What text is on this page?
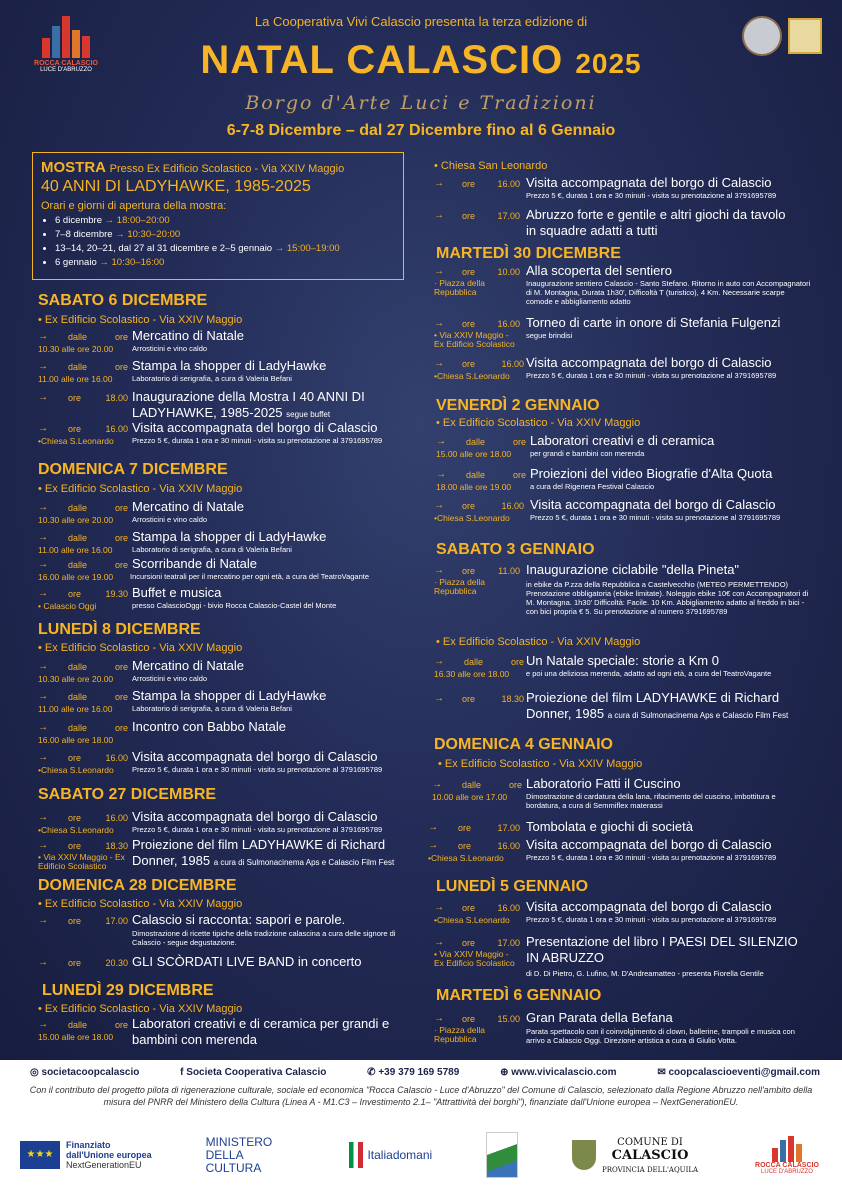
ROCCA CALASCIO
LUCE D'ABRUZZO
La Cooperativa Vivi Calascio presenta la terza edizione di
NATAL CALASCIO 2025
Borgo d'Arte Luci e Tradizioni
6-7-8 Dicembre – dal 27 Dicembre fino al 6 Gennaio
MOSTRA Presso Ex Edificio Scolastico - Via XXIV Maggio
40 ANNI DI LADYHAWKE, 1985-2025
Orari e giorni di apertura della mostra:
• 6 dicembre → 18:00–20:00
• 7–8 dicembre → 10:30–20:00
• 13–14, 20–21, dal 27 al 31 dicembre e 2–5 gennaio → 15:00–19:00
• 6 gennaio → 10:30–16:00
SABATO 6 DICEMBRE
• Ex Edificio Scolastico - Via XXIV Maggio
→ dalle	ore
10.30 alle ore 20.00
Mercatino di Natale
Arrosticini e vino caldo
→ dalle	ore
11.00 alle ore 16.00
Stampa la shopper di LadyHawke
Laboratorio di serigrafia, a cura di Valeria Befani
→ ore	18.00 Inaugurazione della Mostra I 40 ANNI DI LADYHAWKE, 1985-2025 segue buffet
→ ore	16.00
•Chiesa S.Leonardo
Visita accompagnata del borgo di Calascio
Prezzo 5 €, durata 1 ora e 30 minuti - visita su prenotazione al 3791695789
DOMENICA 7 DICEMBRE
• Ex Edificio Scolastico - Via XXIV Maggio
→ dalle	ore
10.30 alle ore 20.00
Mercatino di Natale
Arrosticini e vino caldo
→ dalle	ore
11.00 alle ore 16.00
Stampa la shopper di LadyHawke
Laboratorio di serigrafia, a cura di Valeria Befani
→ dalle	ore
16.00 alle ore 19.00
Scorribande di Natale
Incursioni teatrali per il mercatino per ogni età, a cura del TeatroVagante
→ ore	19.30
• Calascio Oggi
Buffet e musica
presso CalascioOggi - bivio Rocca Calascio-Castel del Monte
LUNEDÌ 8 DICEMBRE
• Ex Edificio Scolastico - Via XXIV Maggio
→ dalle	ore
10.30 alle ore 20.00
Mercatino di Natale
Arrosticini e vino caldo
→ dalle	ore
11.00 alle ore 16.00
Stampa la shopper di LadyHawke
Laboratorio di serigrafia, a cura di Valeria Befani
→ dalle	ore
16.00 alle ore 18.00
Incontro con Babbo Natale
→ ore	16.00
•Chiesa S.Leonardo
Visita accompagnata del borgo di Calascio
Prezzo 5 €, durata 1 ora e 30 minuti - visita su prenotazione al 3791695789
SABATO 27 DICEMBRE
→ ore	16.00
•Chiesa S.Leonardo
Visita accompagnata del borgo di Calascio
Prezzo 5 €, durata 1 ora e 30 minuti - visita su prenotazione al 3791695789
→ ore	18.30
• Via XXIV Maggio - Ex Edificio Scolastico
Proiezione del film LADYHAWKE di Richard Donner, 1985 a cura di Sulmonacinema Aps e Calascio Film Fest
DOMENICA 28 DICEMBRE
• Ex Edificio Scolastico - Via XXIV Maggio
→ ore	17.00 Calascio si racconta: sapori e parole.
Dimostrazione di ricette tipiche della tradizione calascina a cura delle signore di Calascio - segue degustazione.
→ ore	20.30 GLI SCÒRDATI LIVE BAND in concerto
LUNEDÌ 29 DICEMBRE
• Ex Edificio Scolastico - Via XXIV Maggio
→ dalle	ore
15.00 alle ore 18.00
Laboratori creativi e di ceramica per grandi e bambini con merenda
• Chiesa San Leonardo
→ ore 16.00 Visita accompagnata del borgo di Calascio
Prezzo 5 €, durata 1 ora e 30 minuti - visita su prenotazione al 3791695789
→ ore 17.00 Abruzzo forte e gentile e altri giochi da tavolo in squadre adatti a tutti
MARTEDÌ 30 DICEMBRE
→ ore 10.00
· Piazza della Repubblica
Alla scoperta del sentiero
Inaugurazione sentiero Calascio - Santo Stefano. Ritorno in auto con Accompagnatori di M. Montagna, Durata 1h30', Difficoltà T (turistico), 4 Km. Necessarie scarpe comode e abbigliamento adatto
→ ore 16.00
• Via XXIV Maggio - Ex Edificio Scolastico
Torneo di carte in onore di Stefania Fulgenzi
segue brindisi
→ ore	16.00
•Chiesa S.Leonardo
Visita accompagnata del borgo di Calascio
Prezzo 5 €, durata 1 ora e 30 minuti - visita su prenotazione al 3791695789
VENERDÌ 2 GENNAIO
• Ex Edificio Scolastico - Via XXIV Maggio
→ dalle	ore
15.00 alle ore 18.00
Laboratori creativi e di ceramica
per grandi e bambini con merenda
→ dalle	ore
18.00 alle ore 19.00
Proiezioni del video Biografie d'Alta Quota
a cura del Rigenera Festival Calascio
→ ore	16.00
•Chiesa S.Leonardo
Visita accompagnata del borgo di Calascio
Prezzo 5 €, durata 1 ora e 30 minuti - visita su prenotazione al 3791695789
SABATO 3 GENNAIO
→ ore	11.00
· Piazza della Repubblica
Inaugurazione ciclabile "della Pineta"
in ebike da P.zza della Repubblica a Castelvecchio (METEO PERMETTENDO) Prenotazione obbligatoria (ebike limitate). Noleggio ebike 10€ con Accompagnatori di M. Montagna. 1h30' Difficoltà: Facile. 10 Km. Abbigliamento adatto al freddo in bici - con bici propria € 5. Su prenotazione al numero 3791695789
• Ex Edificio Scolastico - Via XXIV Maggio
→ dalle	ore
16.30 alle ore 18.00
Un Natale speciale: storie a Km 0
e poi una deliziosa merenda, adatto ad ogni età, a cura del TeatroVagante
→ ore	18.30 Proiezione del film LADYHAWKE di Richard Donner, 1985 a cura di Sulmonacinema Aps e Calascio Film Fest
DOMENICA 4 GENNAIO
• Ex Edificio Scolastico - Via XXIV Maggio
→ dalle	ore
10.00 alle ore 17.00
Laboratorio Fatti il Cuscino
Dimostrazione di cardatura della lana, rifacimento del cuscino, imbottitura e bordatura, a cura di Semmiflex materassi
→ ore	17.00 Tombolata e giochi di società
→ ore	16.00
•Chiesa S.Leonardo
Visita accompagnata del borgo di Calascio
Prezzo 5 €, durata 1 ora e 30 minuti - visita su prenotazione al 3791695789
LUNEDÌ 5 GENNAIO
→ ore 16.00
•Chiesa S.Leonardo
Visita accompagnata del borgo di Calascio
Prezzo 5 €, durata 1 ora e 30 minuti - visita su prenotazione al 3791695789
→ ore 17.00
• Via XXIV Maggio - Ex Edificio Scolastico
Presentazione del libro I PAESI DEL SILENZIO IN ABRUZZO
di D. Di Pietro, G. Lufino, M. D'Andreamatteo - presenta Fiorella Gentile
MARTEDÌ 6 GENNAIO
→ ore 15.00
· Piazza della Repubblica
Gran Parata della Befana
Parata spettacolo con il coinvolgimento di clown, ballerine, trampoli e musica con arrivo a Calascio Oggi. Direzione artistica a cura di Giulio Votta.
◎ societacoopcalascio	f Societa Cooperativa Calascio	✆ +39 379 169 5789	⊕ www.vivicalascio.com	✉ coopcalascioeventi@gmail.com
Con il contributo del progetto pilota di rigenerazione culturale, sociale ed economica "Rocca Calascio - Luce d'Abruzzo" del Comune di Calascio, selezionato dalla Regione Abruzzo nell'ambito della misura del PNRR del Ministero della Cultura (Linea A - M1.C3 – Investimento 2.1– "Attrattività dei borghi"), finanziate dall'Unione europea – NextGenerationEU.
★★★
Finanziato
dall'Unione europea
NextGenerationEU
MINISTERO DELLA CULTURA
Italiadomani
COMUNE DI
CALASCIO
PROVINCIA DELL'AQUILA
ROCCA CALASCIO
LUCE D'ABRUZZO
